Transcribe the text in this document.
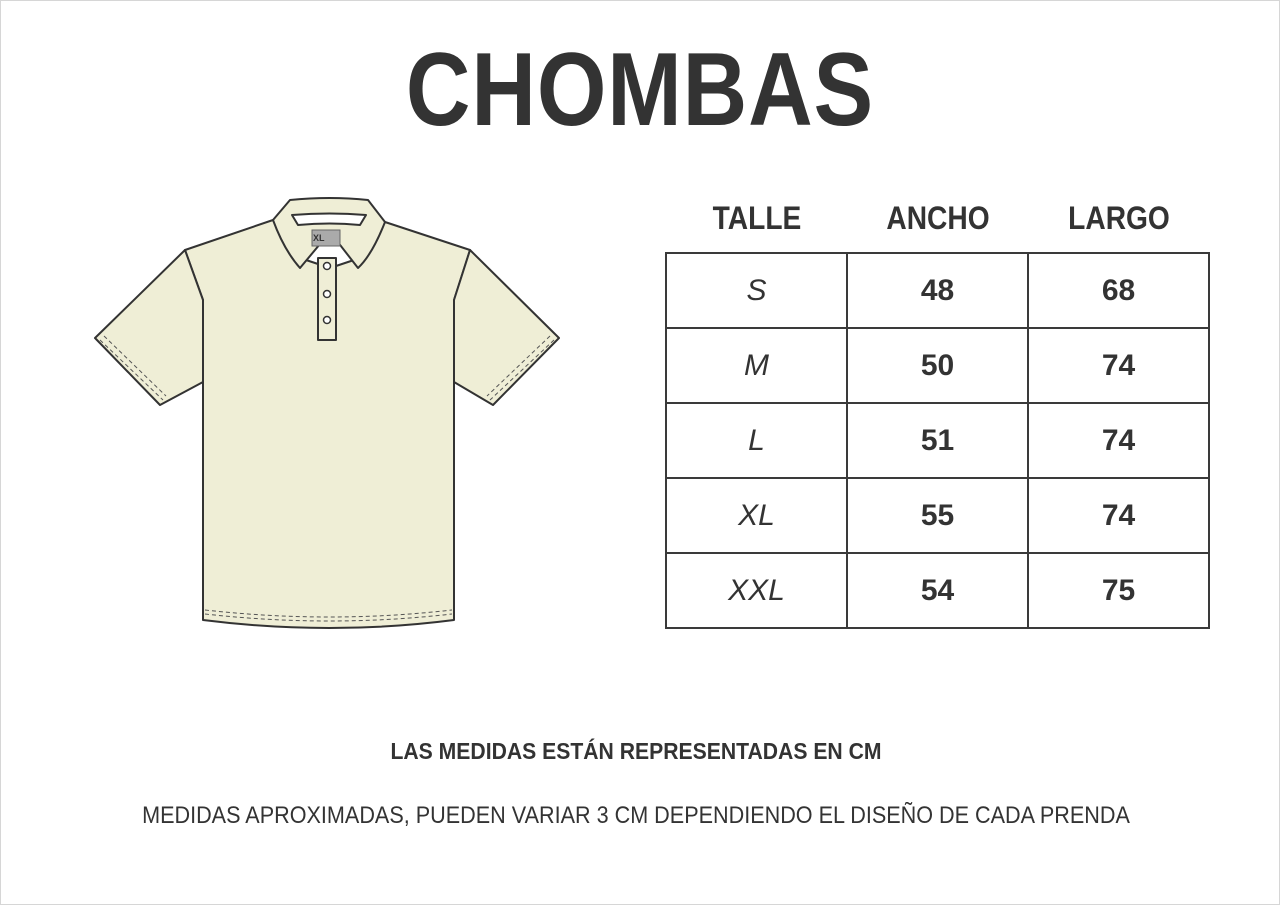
CHOMBAS
XL
TALLE	ANCHO	LARGO
S	48	68
M	50	74
L	51	74
XL	55	74
XXL	54	75
LAS MEDIDAS ESTÁN REPRESENTADAS EN CM
MEDIDAS APROXIMADAS, PUEDEN VARIAR 3 CM DEPENDIENDO EL DISEÑO DE CADA PRENDA
